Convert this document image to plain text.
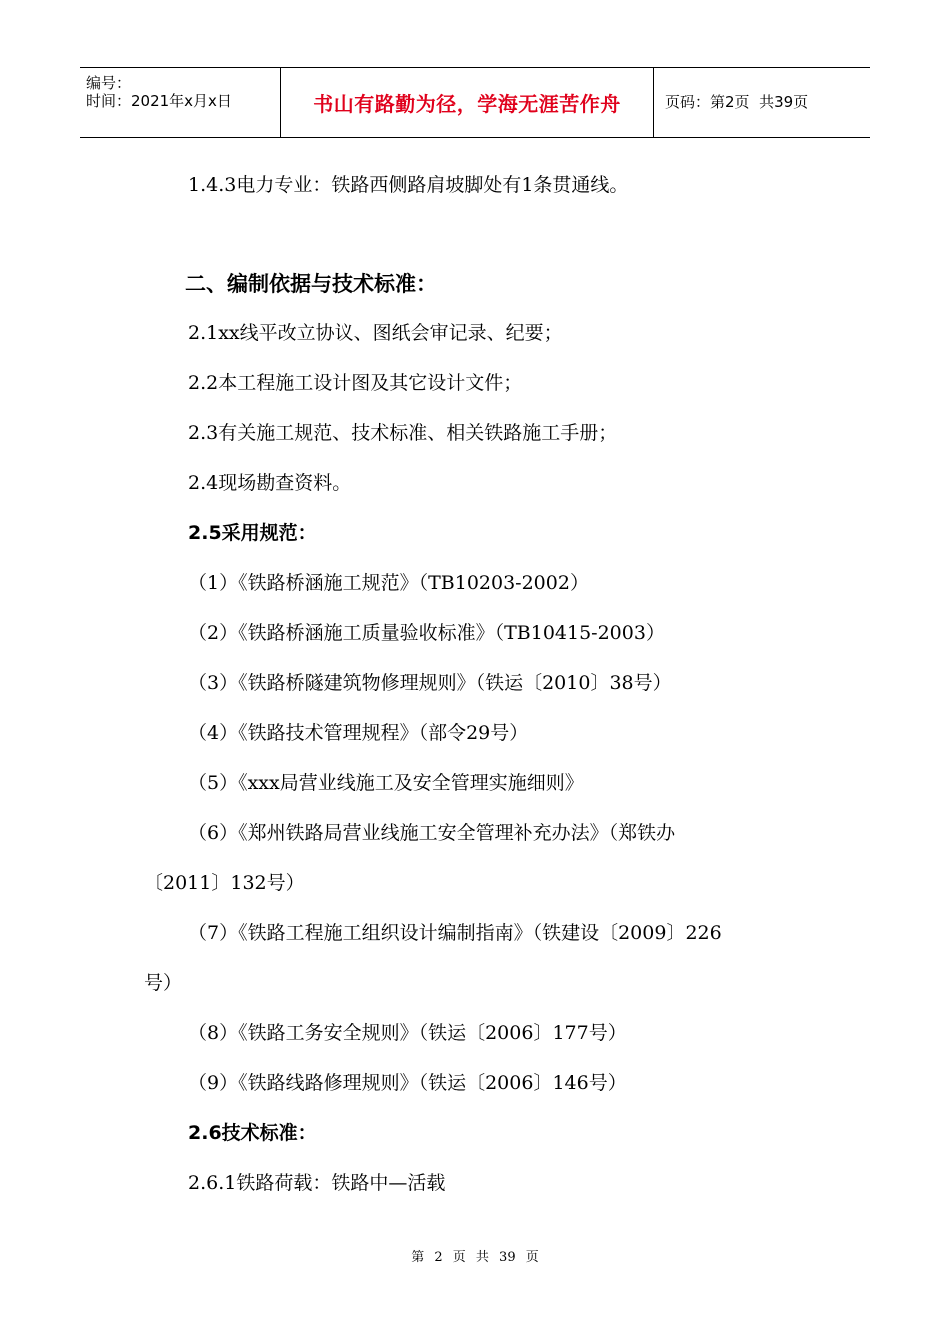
编号：
时间：2021年x月x日	书山有路勤为径，学海无涯苦作舟	页码：第2页  共39页
1.4.3电力专业：铁路西侧路肩坡脚处有1条贯通线。
二、编制依据与技术标准：
2.1xx线平改立协议、图纸会审记录、纪要；
2.2本工程施工设计图及其它设计文件；
2.3有关施工规范、技术标准、相关铁路施工手册；
2.4现场勘查资料。
2.5采用规范：
（1）《铁路桥涵施工规范》（TB10203-2002）
（2）《铁路桥涵施工质量验收标准》（TB10415-2003）
（3）《铁路桥隧建筑物修理规则》（铁运〔2010〕38号）
（4）《铁路技术管理规程》（部令29号）
（5）《xxx局营业线施工及安全管理实施细则》
（6）《郑州铁路局营业线施工安全管理补充办法》（郑铁办
〔2011〕132号）
（7）《铁路工程施工组织设计编制指南》（铁建设〔2009〕226
号）
（8）《铁路工务安全规则》（铁运〔2006〕177号）
（9）《铁路线路修理规则》（铁运〔2006〕146号）
2.6技术标准：
2.6.1铁路荷载：铁路中—活载
第 2 页 共 39 页
